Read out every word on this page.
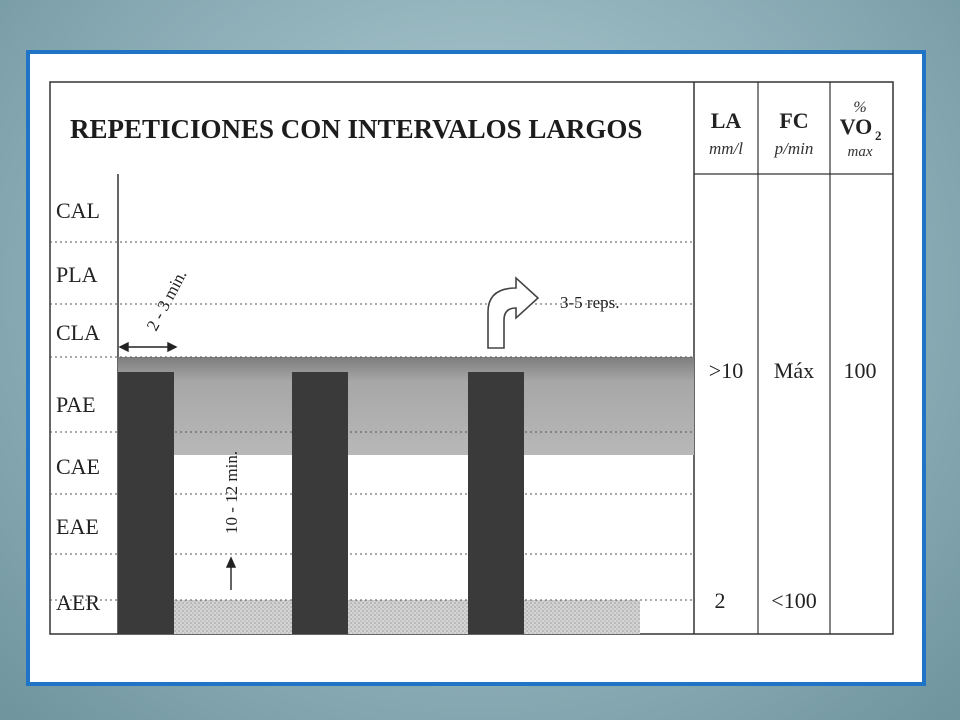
REPETICIONES CON INTERVALOS LARGOS
CAL
PLA
CLA
PAE
CAE
EAE
AER
LA
mm/l
FC
p/min
%
VO 2
max
>10 Máx 100
2 <100
2 - 3 min.
10 - 12 min.
3-5 reps.
